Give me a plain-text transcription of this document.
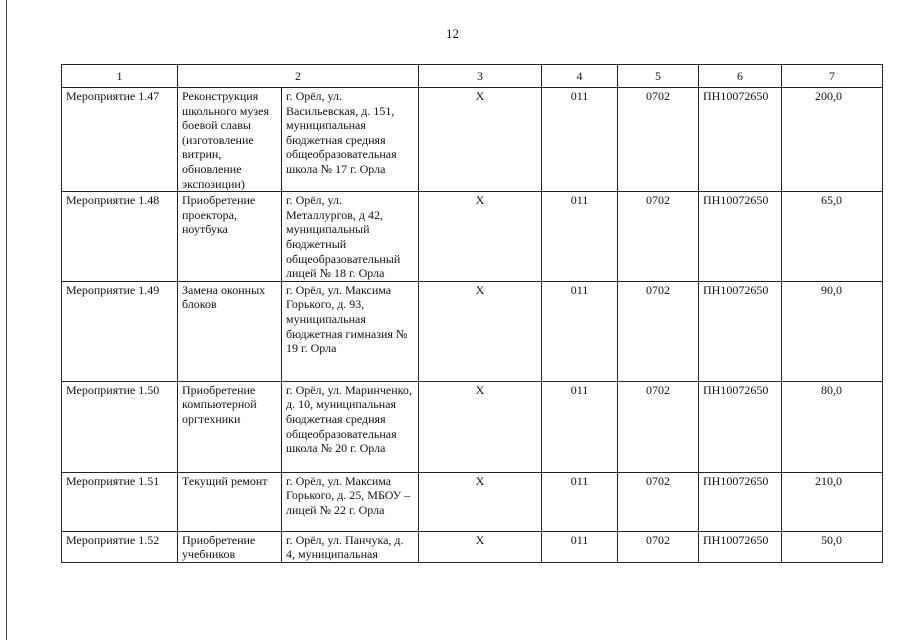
12
1	2		3	4	5	6	7
Мероприятие 1.47	Реконструкция школьного музея боевой славы (изготовление витрин, обновление экспозиции)	г. Орёл, ул. Васильевская, д. 151, муниципальная бюджетная средняя общеобразовательная школа № 17 г. Орла	Х	011	0702	ПН10072650	200,0
Мероприятие 1.48	Приобретение проектора, ноутбука	г. Орёл, ул. Металлургов, д 42, муниципальный бюджетный общеобразовательный лицей № 18 г. Орла	Х	011	0702	ПН10072650	65,0
Мероприятие 1.49	Замена оконных блоков	г. Орёл, ул. Максима Горького, д. 93, муниципальная бюджетная гимназия № 19 г. Орла	Х	011	0702	ПН10072650	90,0
Мероприятие 1.50	Приобретение компьютерной оргтехники	г. Орёл, ул. Маринченко, д. 10, муниципальная бюджетная средняя общеобразовательная школа № 20 г. Орла	Х	011	0702	ПН10072650	80,0
Мероприятие 1.51	Текущий ремонт	г. Орёл, ул. Максима Горького, д. 25, МБОУ – лицей № 22 г. Орла	Х	011	0702	ПН10072650	210,0
Мероприятие 1.52	Приобретение учебников	г. Орёл, ул. Панчука, д. 4, муниципальная	Х	011	0702	ПН10072650	50,0
